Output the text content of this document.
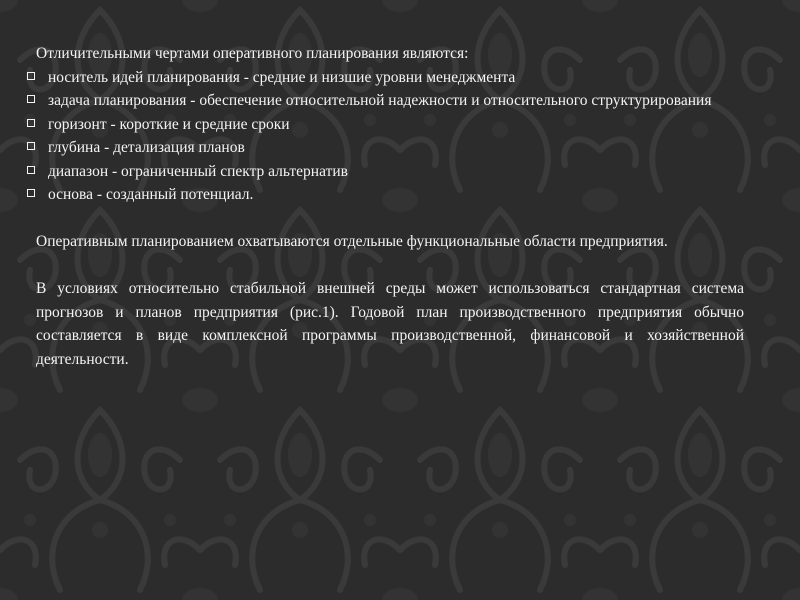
Отличительными чертами оперативного планирования являются:

носитель идей планирования - средние и низшие уровни менеджмента
задача планирования - обеспечение относительной надежности и относительного структурирования
горизонт - короткие и средние сроки
глубина - детализация планов
диапазон - ограниченный спектр альтернатив
основа - созданный потенциал.

Оперативным планированием охватываются отдельные функциональные области предприятия.

В условиях относительно стабильной внешней среды может использоваться стандартная система прогнозов и планов предприятия (рис.1). Годовой план производственного предприятия обычно составляется в виде комплексной программы производственной, финансовой и хозяйственной деятельности.
